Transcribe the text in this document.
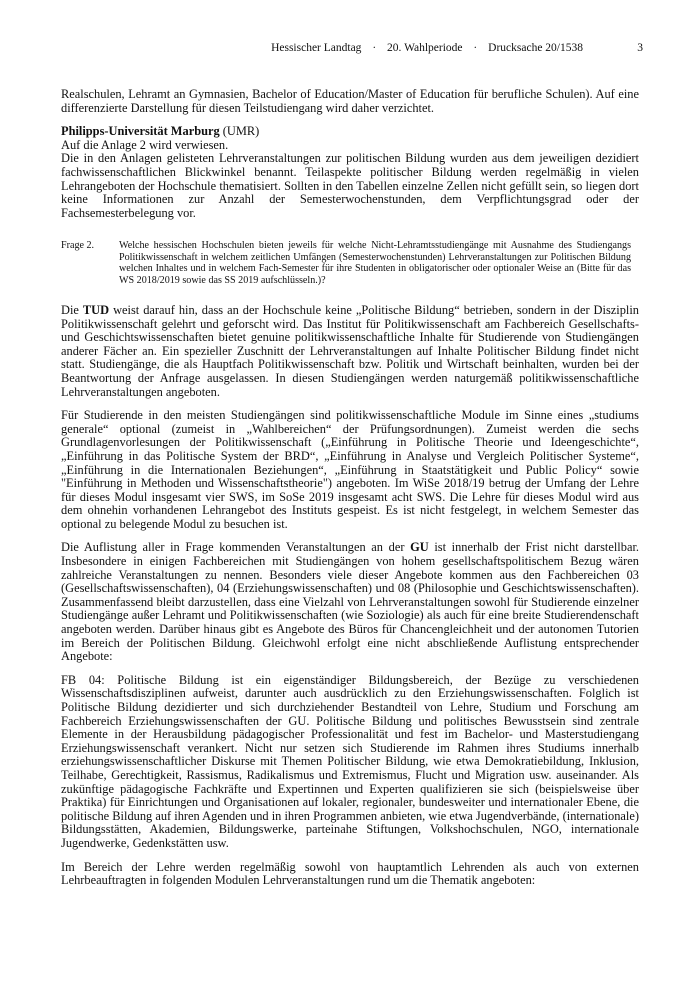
Hessischer Landtag · 20. Wahlperiode · Drucksache 20/1538	3

Realschulen, Lehramt an Gymnasien, Bachelor of Education/Master of Education für berufliche Schulen). Auf eine differenzierte Darstellung für diesen Teilstudiengang wird daher verzichtet.

Philipps-Universität Marburg (UMR)

Auf die Anlage 2 wird verwiesen.

Die in den Anlagen gelisteten Lehrveranstaltungen zur politischen Bildung wurden aus dem jeweiligen dezidiert fachwissenschaftlichen Blickwinkel benannt. Teilaspekte politischer Bildung werden regelmäßig in vielen Lehrangeboten der Hochschule thematisiert. Sollten in den Tabellen einzelne Zellen nicht gefüllt sein, so liegen dort keine Informationen zur Anzahl der Semesterwochenstunden, dem Verpflichtungsgrad oder der Fachsemesterbelegung vor.

Frage 2.	Welche hessischen Hochschulen bieten jeweils für welche Nicht-Lehramtsstudiengänge mit Ausnahme des Studiengangs Politikwissenschaft in welchem zeitlichen Umfängen (Semesterwochenstunden) Lehrveranstaltungen zur Politischen Bildung welchen Inhaltes und in welchem Fach-Semester für ihre Studenten in obligatorischer oder optionaler Weise an (Bitte für das WS 2018/2019 sowie das SS 2019 aufschlüsseln.)?

Die TUD weist darauf hin, dass an der Hochschule keine „Politische Bildung“ betrieben, sondern in der Disziplin Politikwissenschaft gelehrt und geforscht wird. Das Institut für Politikwissenschaft am Fachbereich Gesellschafts- und Geschichtswissenschaften bietet genuine politikwissenschaftliche Inhalte für Studierende von Studiengängen anderer Fächer an. Ein spezieller Zuschnitt der Lehrveranstaltungen auf Inhalte Politischer Bildung findet nicht statt. Studiengänge, die als Hauptfach Politikwissenschaft bzw. Politik und Wirtschaft beinhalten, wurden bei der Beantwortung der Anfrage ausgelassen. In diesen Studiengängen werden naturgemäß politikwissenschaftliche Lehrveranstaltungen angeboten.

Für Studierende in den meisten Studiengängen sind politikwissenschaftliche Module im Sinne eines „studiums generale“ optional (zumeist in „Wahlbereichen“ der Prüfungsordnungen). Zumeist werden die sechs Grundlagenvorlesungen der Politikwissenschaft („Einführung in Politische Theorie und Ideengeschichte“, „Einführung in das Politische System der BRD“, „Einführung in Analyse und Vergleich Politischer Systeme“, „Einführung in die Internationalen Beziehungen“, „Einführung in Staatstätigkeit und Public Policy“ sowie "Einführung in Methoden und Wissenschaftstheorie") angeboten. Im WiSe 2018/19 betrug der Umfang der Lehre für dieses Modul insgesamt vier SWS, im SoSe 2019 insgesamt acht SWS. Die Lehre für dieses Modul wird aus dem ohnehin vorhandenen Lehrangebot des Instituts gespeist. Es ist nicht festgelegt, in welchem Semester das optional zu belegende Modul zu besuchen ist.

Die Auflistung aller in Frage kommenden Veranstaltungen an der GU ist innerhalb der Frist nicht darstellbar. Insbesondere in einigen Fachbereichen mit Studiengängen von hohem gesellschaftspolitischem Bezug wären zahlreiche Veranstaltungen zu nennen. Besonders viele dieser Angebote kommen aus den Fachbereichen 03 (Gesellschaftswissenschaften), 04 (Erziehungswissenschaften) und 08 (Philosophie und Geschichtswissenschaften). Zusammenfassend bleibt darzustellen, dass eine Vielzahl von Lehrveranstaltungen sowohl für Studierende einzelner Studiengänge außer Lehramt und Politikwissenschaften (wie Soziologie) als auch für eine breite Studierendenschaft angeboten werden. Darüber hinaus gibt es Angebote des Büros für Chancengleichheit und der autonomen Tutorien im Bereich der Politischen Bildung. Gleichwohl erfolgt eine nicht abschließende Auflistung entsprechender Angebote:

FB 04: Politische Bildung ist ein eigenständiger Bildungsbereich, der Bezüge zu verschiedenen Wissenschaftsdisziplinen aufweist, darunter auch ausdrücklich zu den Erziehungswissenschaften. Folglich ist Politische Bildung dezidierter und sich durchziehender Bestandteil von Lehre, Studium und Forschung am Fachbereich Erziehungswissenschaften der GU. Politische Bildung und politisches Bewusstsein sind zentrale Elemente in der Herausbildung pädagogischer Professionalität und fest im Bachelor- und Masterstudiengang Erziehungswissenschaft verankert. Nicht nur setzen sich Studierende im Rahmen ihres Studiums innerhalb erziehungswissenschaftlicher Diskurse mit Themen Politischer Bildung, wie etwa Demokratiebildung, Inklusion, Teilhabe, Gerechtigkeit, Rassismus, Radikalismus und Extremismus, Flucht und Migration usw. auseinander. Als zukünftige pädagogische Fachkräfte und Expertinnen und Experten qualifizieren sie sich (beispielsweise über Praktika) für Einrichtungen und Organisationen auf lokaler, regionaler, bundesweiter und internationaler Ebene, die politische Bildung auf ihren Agenden und in ihren Programmen anbieten, wie etwa Jugendverbände, (internationale) Bildungsstätten, Akademien, Bildungswerke, parteinahe Stiftungen, Volkshochschulen, NGO, internationale Jugendwerke, Gedenkstätten usw.

Im Bereich der Lehre werden regelmäßig sowohl von hauptamtlich Lehrenden als auch von externen Lehrbeauftragten in folgenden Modulen Lehrveranstaltungen rund um die Thematik angeboten:
